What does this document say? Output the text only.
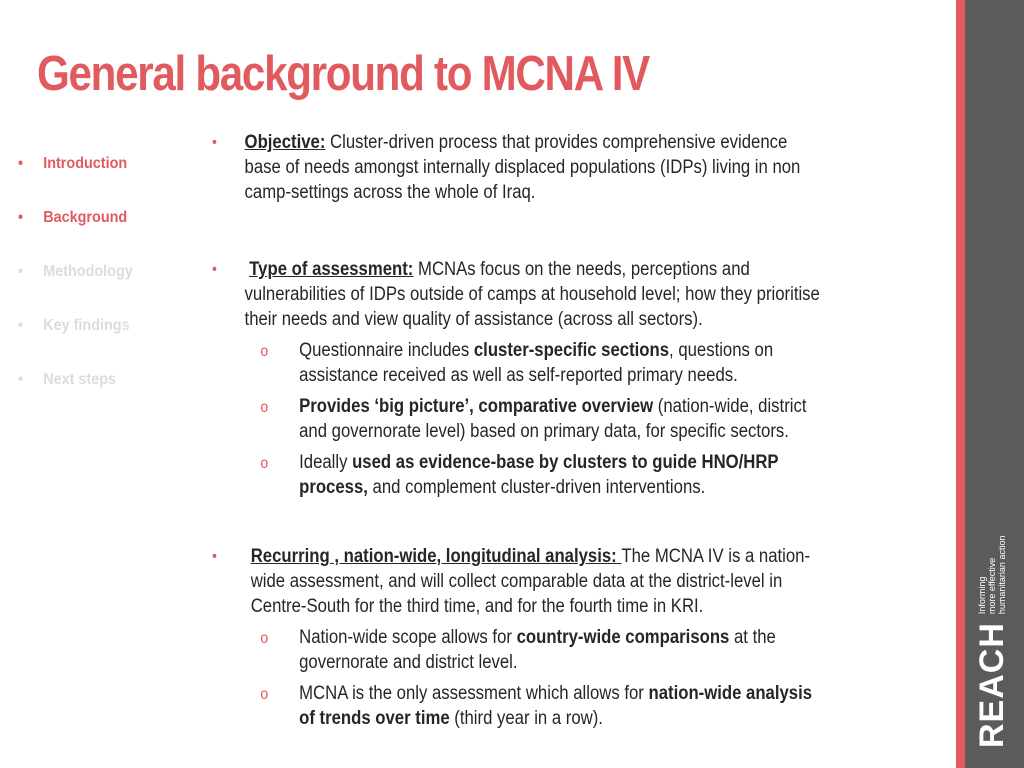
General background to MCNA IV
• Introduction
• Background
• Methodology
• Key findings
• Next steps
• Objective: Cluster-driven process that provides comprehensive evidence base of needs amongst internally displaced populations (IDPs) living in non camp-settings across the whole of Iraq.
• Type of assessment: MCNAs focus on the needs, perceptions and vulnerabilities of IDPs outside of camps at household level; how they prioritise their needs and view quality of assistance (across all sectors).
o Questionnaire includes cluster-specific sections, questions on assistance received as well as self-reported primary needs.
o Provides ‘big picture’, comparative overview (nation-wide, district and governorate level) based on primary data, for specific sectors.
o Ideally used as evidence-base by clusters to guide HNO/HRP process, and complement cluster-driven interventions.
• Recurring , nation-wide, longitudinal analysis: The MCNA IV is a nation-wide assessment, and will collect comparable data at the district-level in Centre-South for the third time, and for the fourth time in KRI.
o Nation-wide scope allows for country-wide comparisons at the governorate and district level.
o MCNA is the only assessment which allows for nation-wide analysis of trends over time (third year in a row).	REACH
Informing
more effective
humanitarian action
